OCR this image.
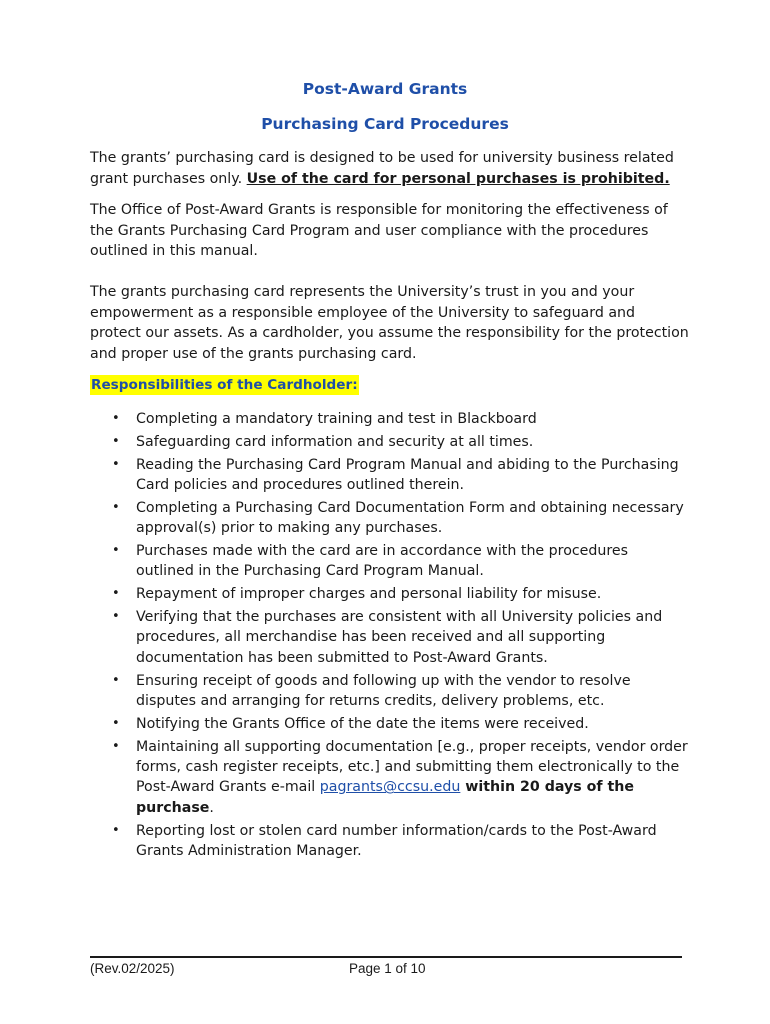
Post-Award Grants
Purchasing Card Procedures

The grants’ purchasing card is designed to be used for university business related grant purchases only. Use of the card for personal purchases is prohibited.

The Office of Post-Award Grants is responsible for monitoring the effectiveness of the Grants Purchasing Card Program and user compliance with the procedures outlined in this manual.

The grants purchasing card represents the University’s trust in you and your empowerment as a responsible employee of the University to safeguard and protect our assets. As a cardholder, you assume the responsibility for the protection and proper use of the grants purchasing card.

Responsibilities of the Cardholder:
• Completing a mandatory training and test in Blackboard
• Safeguarding card information and security at all times.
• Reading the Purchasing Card Program Manual and abiding to the Purchasing Card policies and procedures outlined therein.
• Completing a Purchasing Card Documentation Form and obtaining necessary approval(s) prior to making any purchases.
• Purchases made with the card are in accordance with the procedures outlined in the Purchasing Card Program Manual.
• Repayment of improper charges and personal liability for misuse.
• Verifying that the purchases are consistent with all University policies and procedures, all merchandise has been received and all supporting documentation has been submitted to Post-Award Grants.
• Ensuring receipt of goods and following up with the vendor to resolve disputes and arranging for returns credits, delivery problems, etc.
• Notifying the Grants Office of the date the items were received.
• Maintaining all supporting documentation [e.g., proper receipts, vendor order forms, cash register receipts, etc.] and submitting them electronically to the Post-Award Grants e-mail pagrants@ccsu.edu within 20 days of the purchase.
• Reporting lost or stolen card number information/cards to the Post-Award Grants Administration Manager.
(Rev.02/2025)	Page 1 of 10
